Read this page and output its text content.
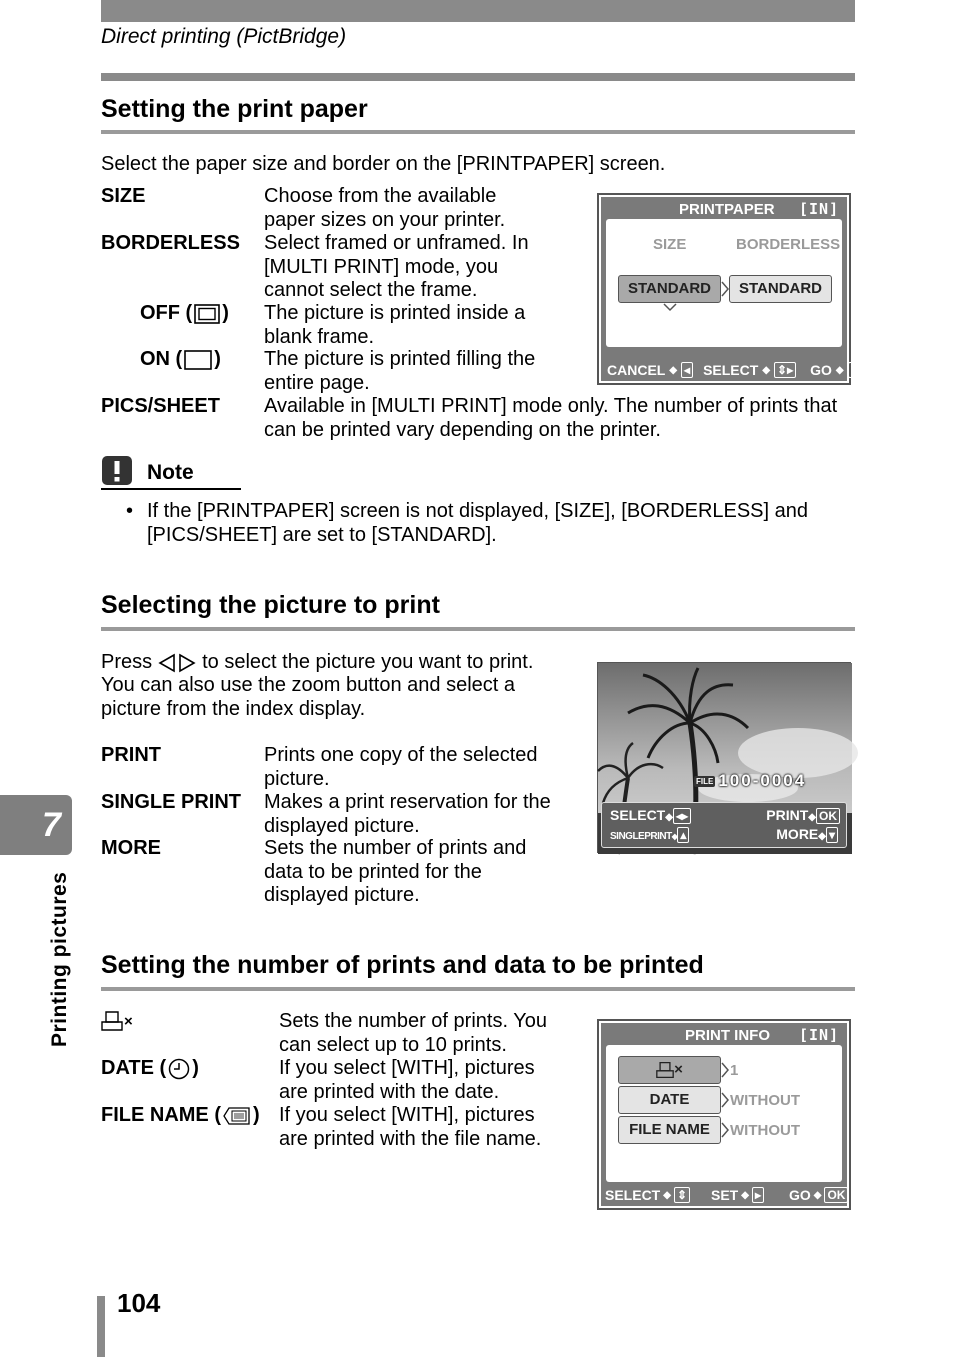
Direct printing (PictBridge)
Setting the print paper
Select the paper size and border on the [PRINTPAPER] screen.
SIZE	Choose from the available
paper sizes on your printer.
BORDERLESS Select framed or unframed. In
[MULTI PRINT] mode, you
cannot select the frame.
OFF ( ) The picture is printed inside a
blank frame.
ON ( ) The picture is printed filling the
entire page.
PICS/SHEET Available in [MULTI PRINT] mode only. The number of prints that
can be printed vary depending on the printer.
PRINTPAPER [IN]
SIZE	BORDERLESS
STANDARD	STANDARD
CANCEL ◆ ◂ SELECT ◆ ⇕▸ GO ◆ OK
Note
• If the [PRINTPAPER] screen is not displayed, [SIZE], [BORDERLESS] and
[PICS/SHEET] are set to [STANDARD].
Selecting the picture to print
Press	to select the picture you want to print.
You can also use the zoom button and select a
picture from the index display.
PRINT	Prints one copy of the selected
picture.
SINGLE PRINT Makes a print reservation for the
displayed picture.
MORE	Sets the number of prints and
data to be printed for the
displayed picture.
FILE 100-0004
SELECT◆ ◂▸	PRINT◆ OK
SINGLEPRINT◆ ▴	MORE◆ ▾
Setting the number of prints and data to be printed
×	Sets the number of prints. You
can select up to 10 prints.
DATE ( )	If you select [WITH], pictures
are printed with the date.
FILE NAME ( ) If you select [WITH], pictures
are printed with the file name.
PRINT INFO [IN]
×	1
DATE	WITHOUT
FILE NAME	WITHOUT
SELECT ◆ ⇕ SET ◆ ▸ GO ◆ OK
7
Printing pictures
104
